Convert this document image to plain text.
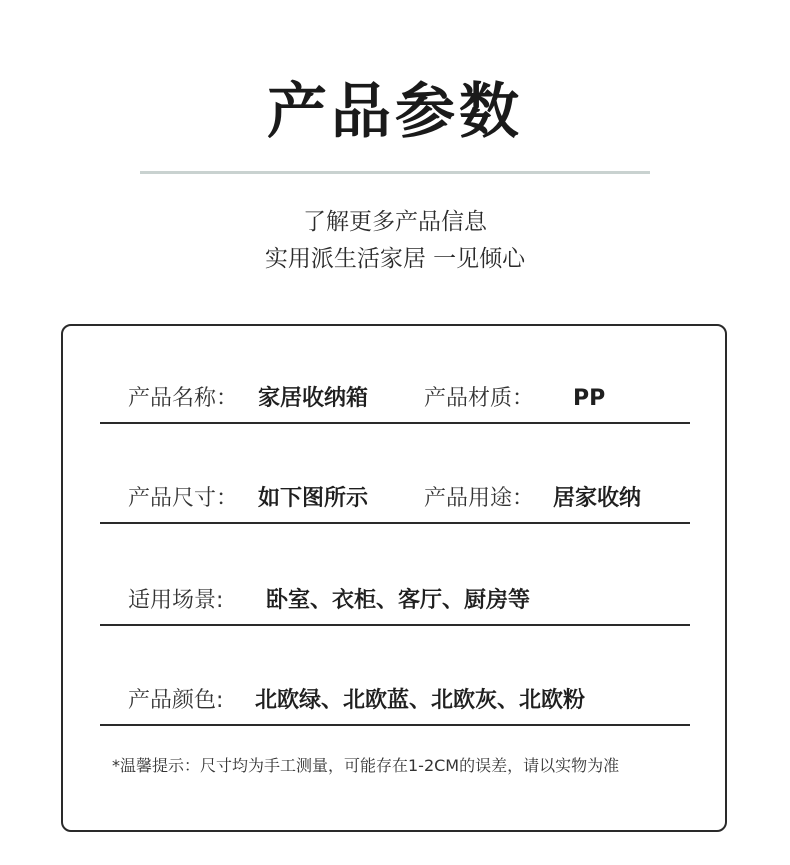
产品参数
了解更多产品信息
实用派生活家居 一见倾心
产品名称： 家居收纳箱	产品材质： PP
产品尺寸： 如下图所示	产品用途： 居家收纳
适用场景: 卧室、衣柜、客厅、厨房等
产品颜色: 北欧绿、北欧蓝、北欧灰、北欧粉
*温馨提示：尺寸均为手工测量，可能存在1-2CM的误差，请以实物为准
